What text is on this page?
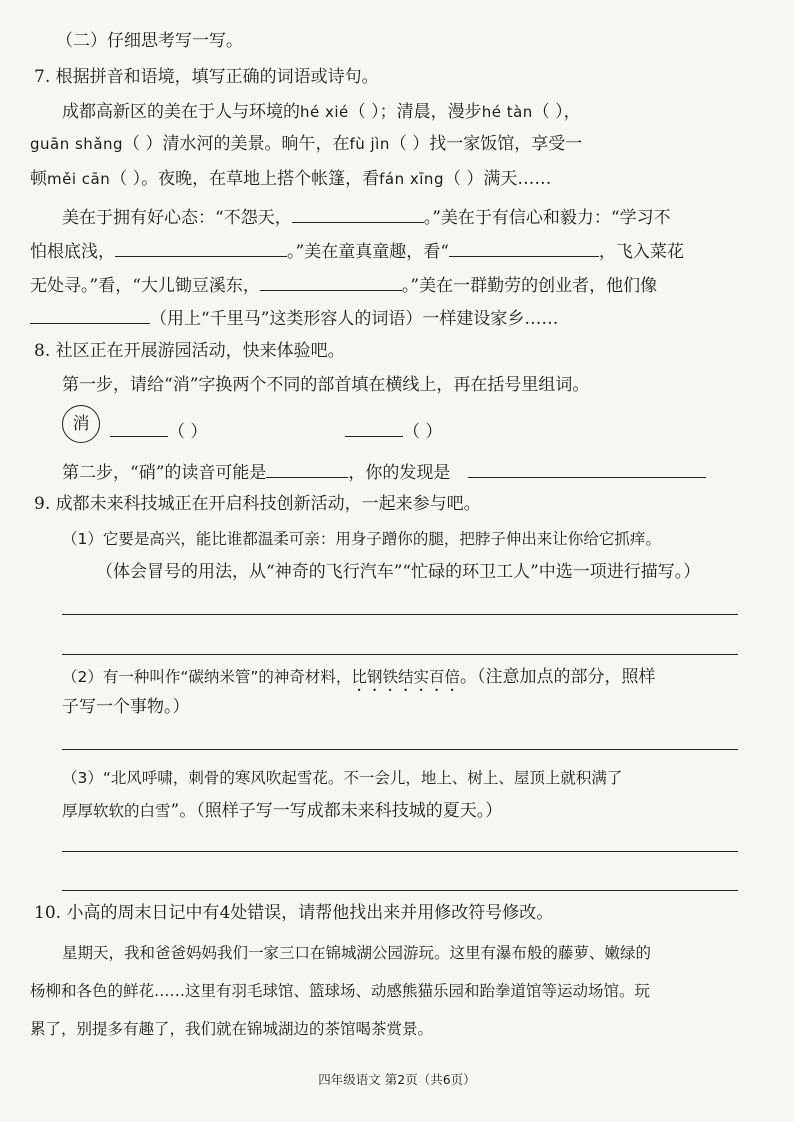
（二）仔细思考写一写。
7. 根据拼音和语境，填写正确的词语或诗句。
成都高新区的美在于人与环境的hé xié（ ）；清晨，漫步hé tàn（ ），
guān shǎng（ ）清水河的美景。晌午，在fù jìn（ ）找一家饭馆，享受一
顿měi cān（ ）。夜晚，在草地上搭个帐篷，看fán xīng（ ）满天……
美在于拥有好心态：“不怨天，	。”美在于有信心和毅力：“学习不
怕根底浅，	。”美在童真童趣，看“	，飞入菜花
无处寻。”看，“大儿锄豆溪东，	。”美在一群勤劳的创业者，他们像
（用上“千里马”这类形容人的词语）一样建设家乡……
8. 社区正在开展游园活动，快来体验吧。
第一步，请给“消”字换两个不同的部首填在横线上，再在括号里组词。
消	（ ）	（ ）
第二步，“硝”的读音可能是	，你的发现是
9. 成都未来科技城正在开启科技创新活动，一起来参与吧。
（1）它要是高兴，能比谁都温柔可亲：用身子蹭你的腿，把脖子伸出来让你给它抓痒。
（体会冒号的用法，从“神奇的飞行汽车”“忙碌的环卫工人”中选一项进行描写。）
（2）有一种叫作“碳纳米管”的神奇材料，比钢铁结实百倍。（注意加点的部分，照样
子写一个事物。）
（3）“北风呼啸，刺骨的寒风吹起雪花。不一会儿，地上、树上、屋顶上就积满了
厚厚软软的白雪”。（照样子写一写成都未来科技城的夏天。）
10. 小高的周末日记中有4处错误，请帮他找出来并用修改符号修改。
星期天，我和爸爸妈妈我们一家三口在锦城湖公园游玩。这里有瀑布般的藤萝、嫩绿的
杨柳和各色的鲜花……这里有羽毛球馆、篮球场、动感熊猫乐园和跆拳道馆等运动场馆。玩
累了，别提多有趣了，我们就在锦城湖边的茶馆喝茶赏景。
四年级语文 第2页（共6页）
